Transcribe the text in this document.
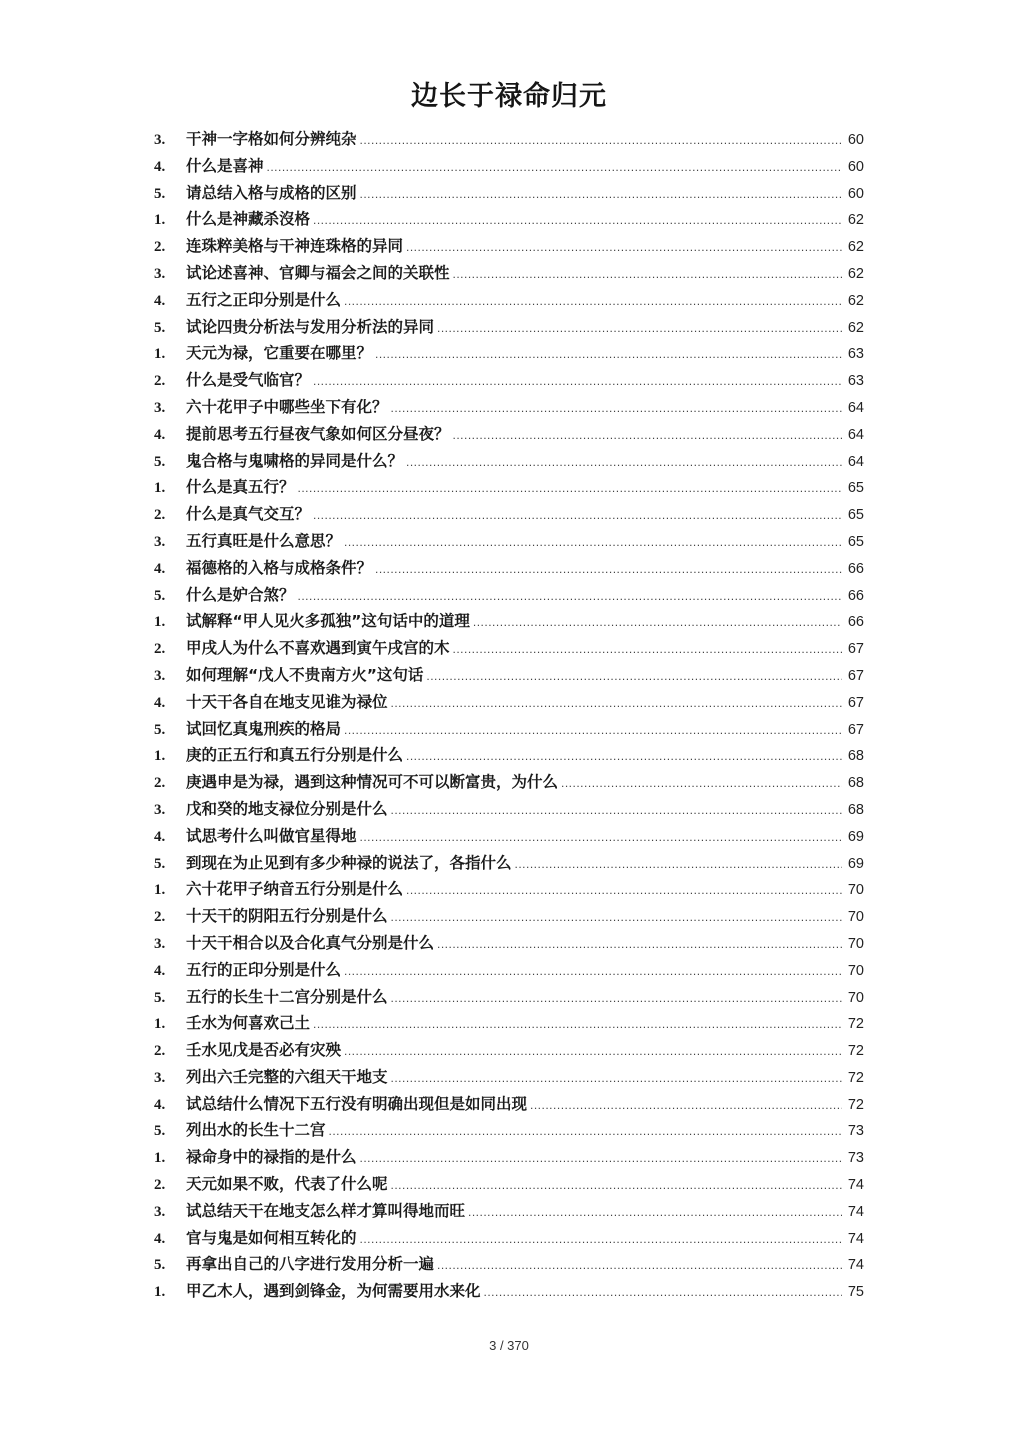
边长于禄命归元
3.	干神一字格如何分辨纯杂 .....	60
4.	什么是喜神 .....	60
5.	请总结入格与成格的区别 .....	60
1.	什么是神藏杀沒格 .....	62
2.	连珠粹美格与干神连珠格的异同 .....	62
3.	试论述喜神、官卿与福会之间的关联性 .....	62
4.	五行之正印分别是什么 .....	62
5.	试论四贵分析法与发用分析法的异同 .....	62
1.	天元为禄，它重要在哪里？ .....	63
2.	什么是受气临官？ .....	63
3.	六十花甲子中哪些坐下有化？ .....	64
4.	提前思考五行昼夜气象如何区分昼夜？ .....	64
5.	鬼合格与鬼啸格的异同是什么？ .....	64
1.	什么是真五行？ .....	65
2.	什么是真气交互？ .....	65
3.	五行真旺是什么意思？ .....	65
4.	福德格的入格与成格条件？ .....	66
5.	什么是妒合煞？ .....	66
1.	试解释“甲人见火多孤独”这句话中的道理 .....	66
2.	甲戌人为什么不喜欢遇到寅午戌宫的木 .....	67
3.	如何理解“戊人不贵南方火”这句话 .....	67
4.	十天干各自在地支见谁为禄位 .....	67
5.	试回忆真鬼刑疾的格局 .....	67
1.	庚的正五行和真五行分别是什么 .....	68
2.	庚遇申是为禄，遇到这种情况可不可以断富贵，为什么 .....	68
3.	戊和癸的地支禄位分别是什么 .....	68
4.	试思考什么叫做官星得地 .....	69
5.	到现在为止见到有多少种禄的说法了，各指什么 .....	69
1.	六十花甲子纳音五行分别是什么 .....	70
2.	十天干的阴阳五行分别是什么 .....	70
3.	十天干相合以及合化真气分别是什么 .....	70
4.	五行的正印分别是什么 .....	70
5.	五行的长生十二宫分别是什么 .....	70
1.	壬水为何喜欢己土 .....	72
2.	壬水见戊是否必有灾殃 .....	72
3.	列出六壬完整的六组天干地支 .....	72
4.	试总结什么情况下五行没有明确出现但是如同出现 .....	72
5.	列出水的长生十二宫 .....	73
1.	禄命身中的禄指的是什么 .....	73
2.	天元如果不败，代表了什么呢 .....	74
3.	试总结天干在地支怎么样才算叫得地而旺 .....	74
4.	官与鬼是如何相互转化的 .....	74
5.	再拿出自己的八字进行发用分析一遍 .....	74
1.	甲乙木人，遇到剑锋金，为何需要用水来化 .....	75
3 / 370
